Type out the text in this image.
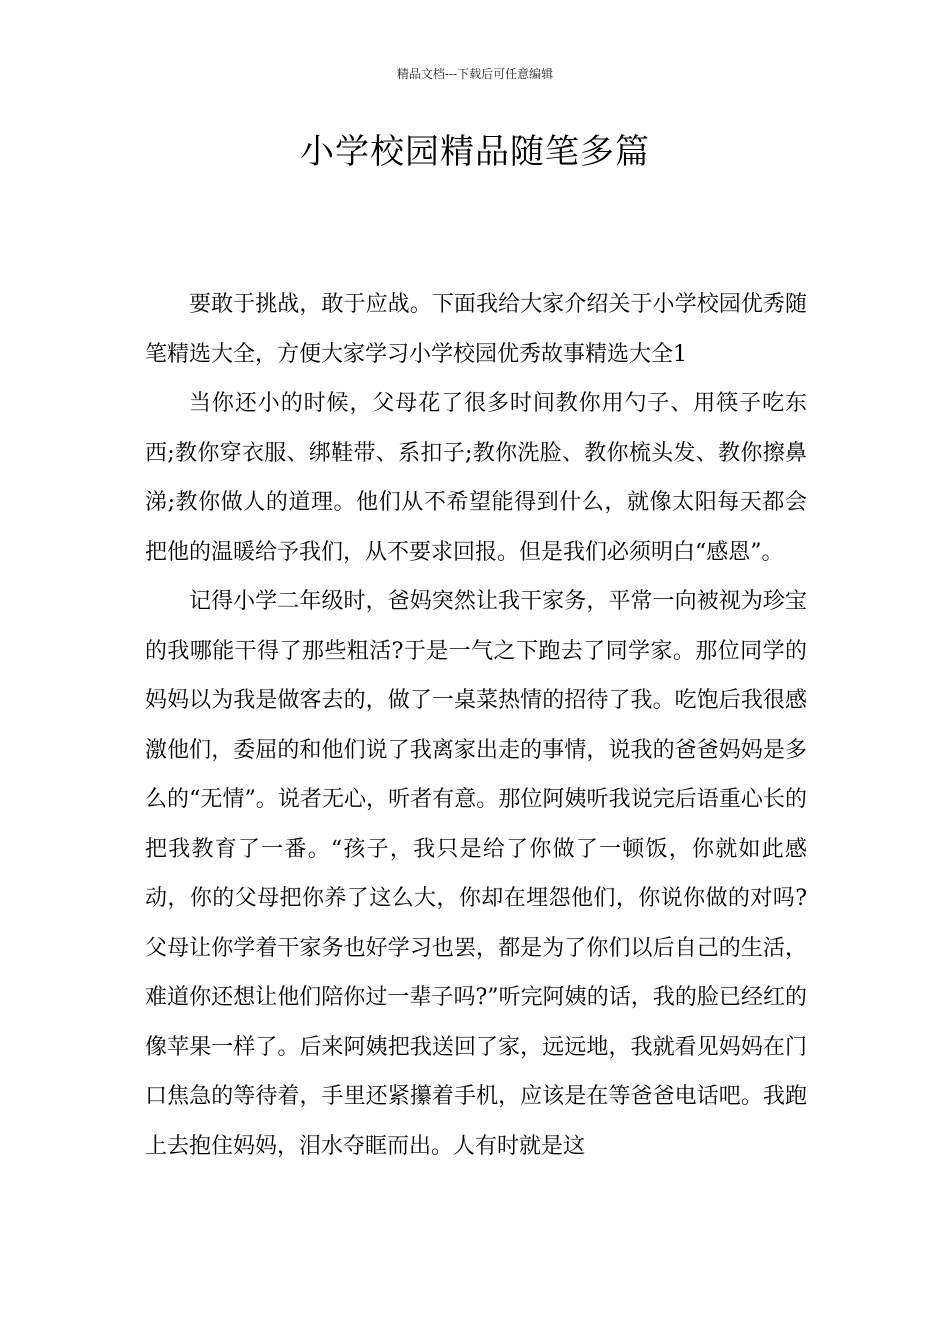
精品文档---下载后可任意编辑
小学校园精品随笔多篇

要敢于挑战，敢于应战。下面我给大家介绍关于小学校园优秀随笔精选大全，方便大家学习小学校园优秀故事精选大全1

当你还小的时候，父母花了很多时间教你用勺子、用筷子吃东西;教你穿衣服、绑鞋带、系扣子;教你洗脸、教你梳头发、教你擦鼻涕;教你做人的道理。他们从不希望能得到什么，就像太阳每天都会把他的温暖给予我们，从不要求回报。但是我们必须明白“感恩”。

记得小学二年级时，爸妈突然让我干家务，平常一向被视为珍宝的我哪能干得了那些粗活?于是一气之下跑去了同学家。那位同学的妈妈以为我是做客去的，做了一桌菜热情的招待了我。吃饱后我很感激他们，委屈的和他们说了我离家出走的事情，说我的爸爸妈妈是多么的“无情”。说者无心，听者有意。那位阿姨听我说完后语重心长的把我教育了一番。“孩子，我只是给了你做了一顿饭，你就如此感动，你的父母把你养了这么大，你却在埋怨他们，你说你做的对吗?父母让你学着干家务也好学习也罢，都是为了你们以后自己的生活，难道你还想让他们陪你过一辈子吗?”听完阿姨的话，我的脸已经红的像苹果一样了。后来阿姨把我送回了家，远远地，我就看见妈妈在门口焦急的等待着，手里还紧攥着手机，应该是在等爸爸电话吧。我跑上去抱住妈妈，泪水夺眶而出。人有时就是这
